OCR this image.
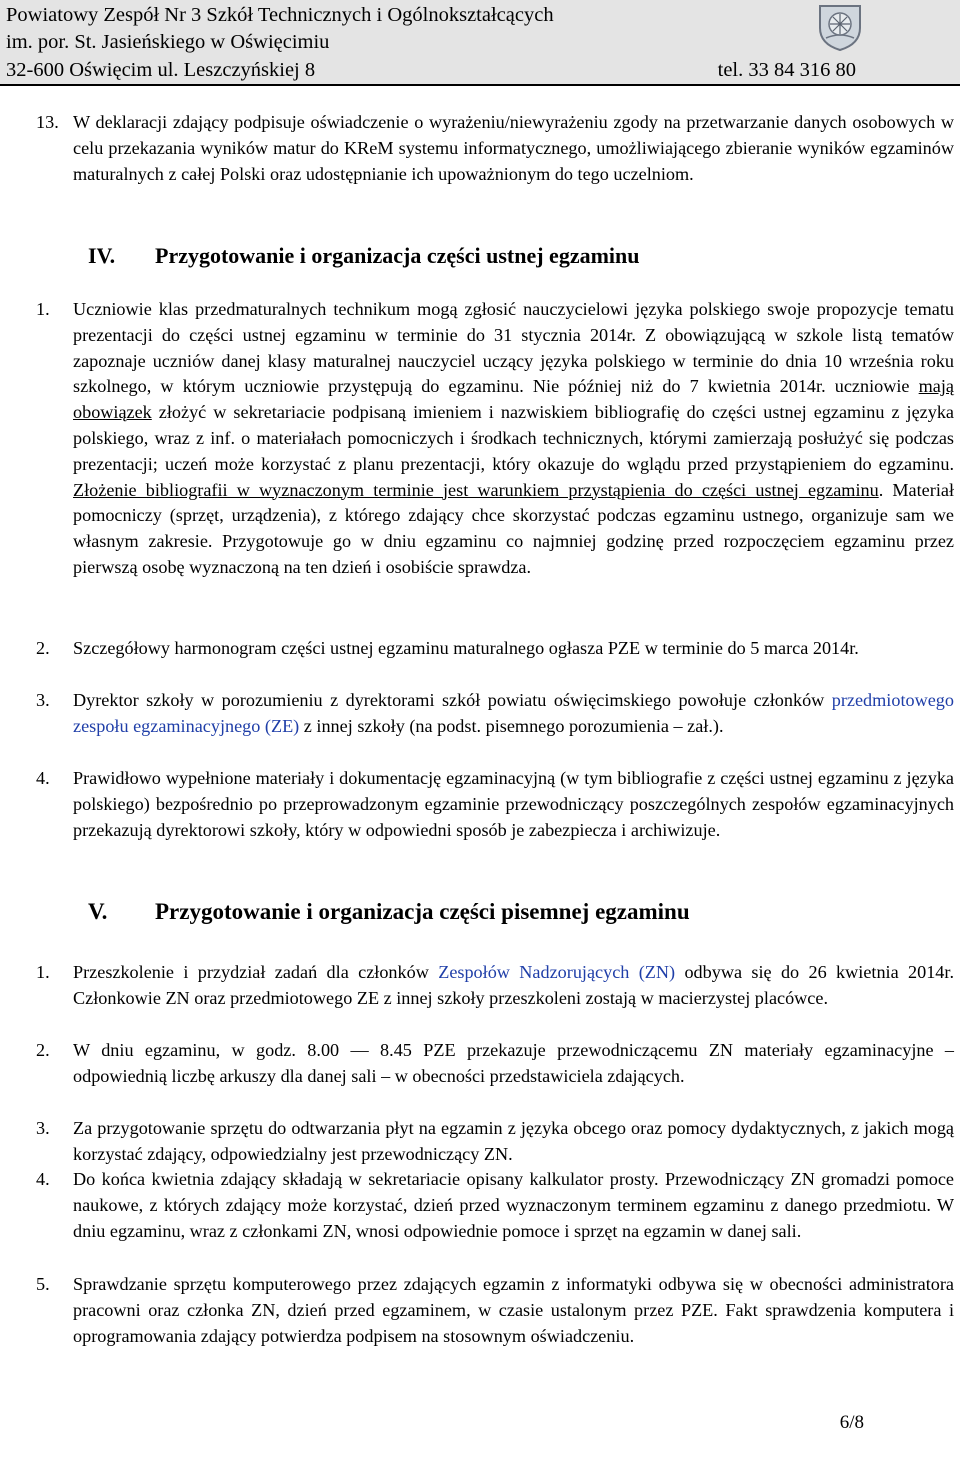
Powiatowy Zespół Nr 3 Szkół Technicznych i Ogólnokształcących
im. por. St. Jasieńskiego w Oświęcimiu
32-600 Oświęcim ul. Leszczyńskiej 8	tel. 33 84 316 80
13. W deklaracji zdający podpisuje oświadczenie o wyrażeniu/niewyrażeniu zgody na przetwarzanie danych osobowych w celu przekazania wyników matur do KReM systemu informatycznego, umożliwiającego zbieranie wyników egzaminów maturalnych z całej Polski oraz udostępnianie ich upoważnionym do tego uczelniom.
IV. Przygotowanie i organizacja części ustnej egzaminu
1. Uczniowie klas przedmaturalnych technikum mogą zgłosić nauczycielowi języka polskiego swoje propozycje tematu prezentacji do części ustnej egzaminu w terminie do 31 stycznia 2014r. Z obowiązującą w szkole listą tematów zapoznaje uczniów danej klasy maturalnej nauczyciel uczący języka polskiego w terminie do dnia 10 września roku szkolnego, w którym uczniowie przystępują do egzaminu. Nie później niż do 7 kwietnia 2014r. uczniowie mają obowiązek złożyć w sekretariacie podpisaną imieniem i nazwiskiem bibliografię do części ustnej egzaminu z języka polskiego, wraz z inf. o materiałach pomocniczych i środkach technicznych, którymi zamierzają posłużyć się podczas prezentacji; uczeń może korzystać z planu prezentacji, który okazuje do wglądu przed przystąpieniem do egzaminu. Złożenie bibliografii w wyznaczonym terminie jest warunkiem przystąpienia do części ustnej egzaminu. Materiał pomocniczy (sprzęt, urządzenia), z którego zdający chce skorzystać podczas egzaminu ustnego, organizuje sam we własnym zakresie. Przygotowuje go w dniu egzaminu co najmniej godzinę przed rozpoczęciem egzaminu przez pierwszą osobę wyznaczoną na ten dzień i osobiście sprawdza.
2. Szczegółowy harmonogram części ustnej egzaminu maturalnego ogłasza PZE w terminie do 5 marca 2014r.
3. Dyrektor szkoły w porozumieniu z dyrektorami szkół powiatu oświęcimskiego powołuje członków przedmiotowego zespołu egzaminacyjnego (ZE) z innej szkoły (na podst. pisemnego porozumienia – zał.).
4. Prawidłowo wypełnione materiały i dokumentację egzaminacyjną (w tym bibliografie z części ustnej egzaminu z języka polskiego) bezpośrednio po przeprowadzonym egzaminie przewodniczący poszczególnych zespołów egzaminacyjnych przekazują dyrektorowi szkoły, który w odpowiedni sposób je zabezpiecza i archiwizuje.
V. Przygotowanie i organizacja części pisemnej egzaminu
1. Przeszkolenie i przydział zadań dla członków Zespołów Nadzorujących (ZN) odbywa się do 26 kwietnia 2014r. Członkowie ZN oraz przedmiotowego ZE z innej szkoły przeszkoleni zostają w macierzystej placówce.
2. W dniu egzaminu, w godz. 8.00 — 8.45 PZE przekazuje przewodniczącemu ZN materiały egzaminacyjne – odpowiednią liczbę arkuszy dla danej sali – w obecności przedstawiciela zdających.
3. Za przygotowanie sprzętu do odtwarzania płyt na egzamin z języka obcego oraz pomocy dydaktycznych, z jakich mogą korzystać zdający, odpowiedzialny jest przewodniczący ZN.
4. Do końca kwietnia zdający składają w sekretariacie opisany kalkulator prosty. Przewodniczący ZN gromadzi pomoce naukowe, z których zdający może korzystać, dzień przed wyznaczonym terminem egzaminu z danego przedmiotu. W dniu egzaminu, wraz z członkami ZN, wnosi odpowiednie pomoce i sprzęt na egzamin w danej sali.
5. Sprawdzanie sprzętu komputerowego przez zdających egzamin z informatyki odbywa się w obecności administratora pracowni oraz członka ZN, dzień przed egzaminem, w czasie ustalonym przez PZE. Fakt sprawdzenia komputera i oprogramowania zdający potwierdza podpisem na stosownym oświadczeniu.
6/8
